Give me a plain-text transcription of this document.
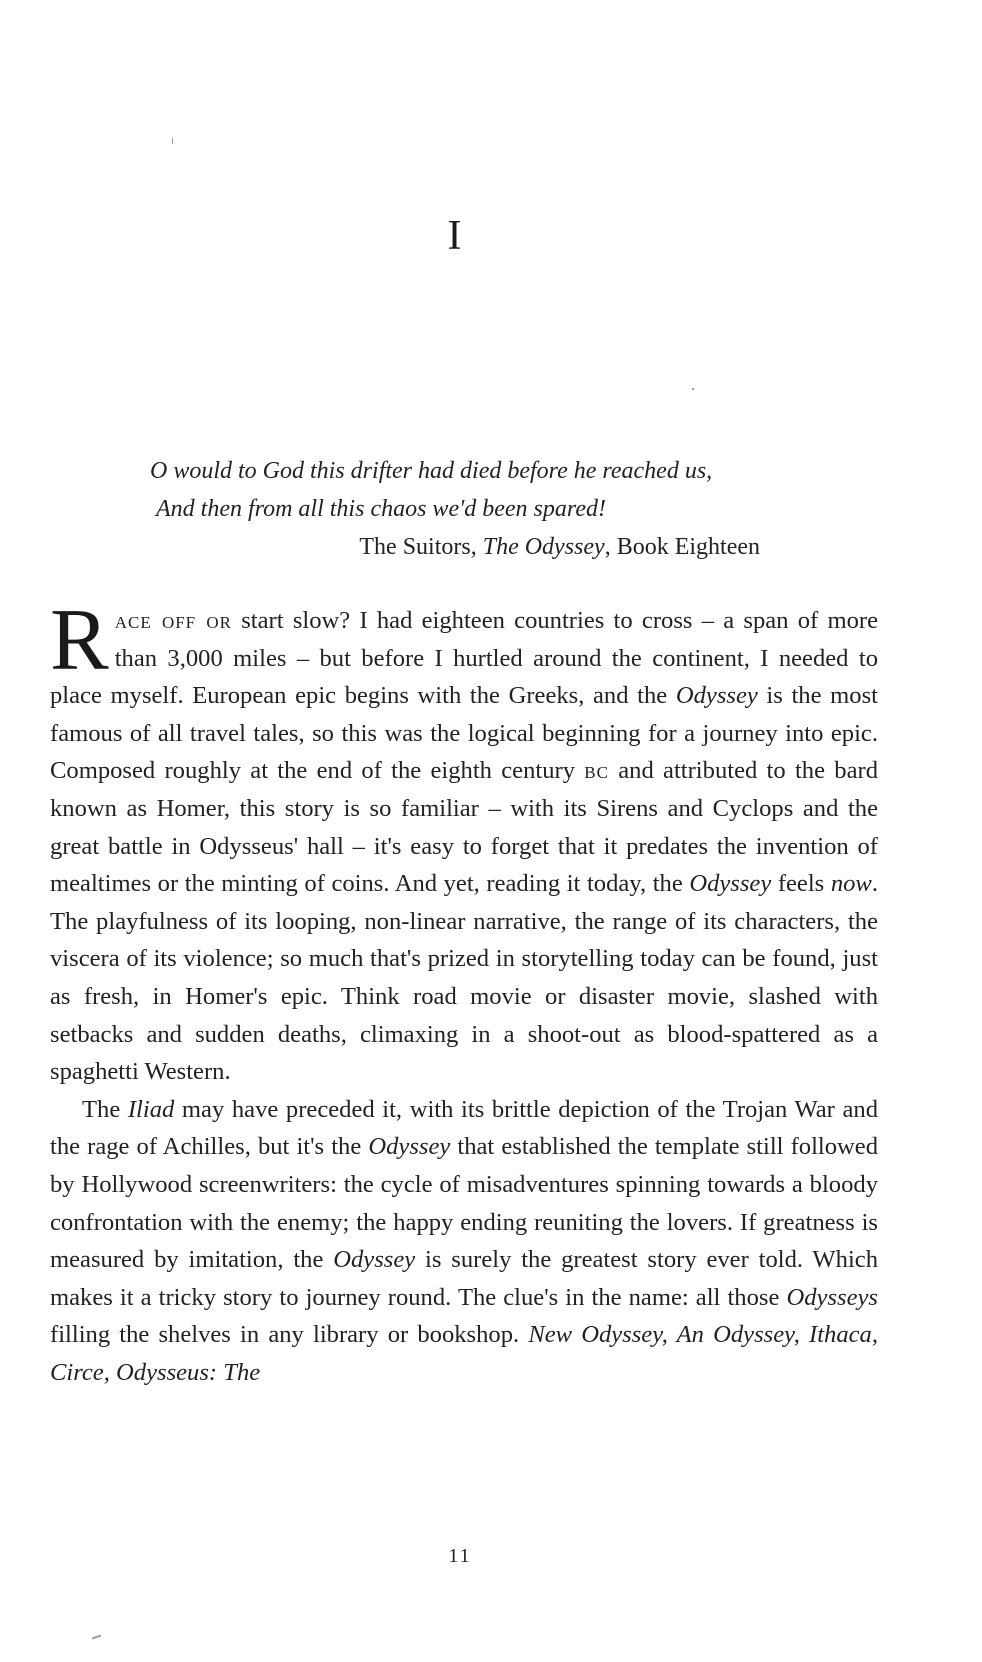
I
O would to God this drifter had died before he reached us,
And then from all this chaos we'd been spared!
The Suitors, The Odyssey, Book Eighteen

Race off or start slow? I had eighteen countries to cross – a span of more than 3,000 miles – but before I hurtled around the continent, I needed to place myself. European epic begins with the Greeks, and the Odyssey is the most famous of all travel tales, so this was the logical beginning for a journey into epic. Composed roughly at the end of the eighth century bc and attributed to the bard known as Homer, this story is so familiar – with its Sirens and Cyclops and the great battle in Odysseus' hall – it's easy to forget that it predates the invention of mealtimes or the minting of coins. And yet, reading it today, the Odyssey feels now. The playfulness of its looping, non-linear narrative, the range of its characters, the viscera of its violence; so much that's prized in storytelling today can be found, just as fresh, in Homer's epic. Think road movie or disaster movie, slashed with setbacks and sudden deaths, climaxing in a shoot-out as blood-spattered as a spaghetti Western.

The Iliad may have preceded it, with its brittle depiction of the Trojan War and the rage of Achilles, but it's the Odyssey that established the template still followed by Hollywood screenwriters: the cycle of misadventures spinning towards a bloody confrontation with the enemy; the happy ending reuniting the lovers. If greatness is measured by imitation, the Odyssey is surely the greatest story ever told. Which makes it a tricky story to journey round. The clue's in the name: all those Odysseys filling the shelves in any library or bookshop. New Odyssey, An Odyssey, Ithaca, Circe, Odysseus: The

11
